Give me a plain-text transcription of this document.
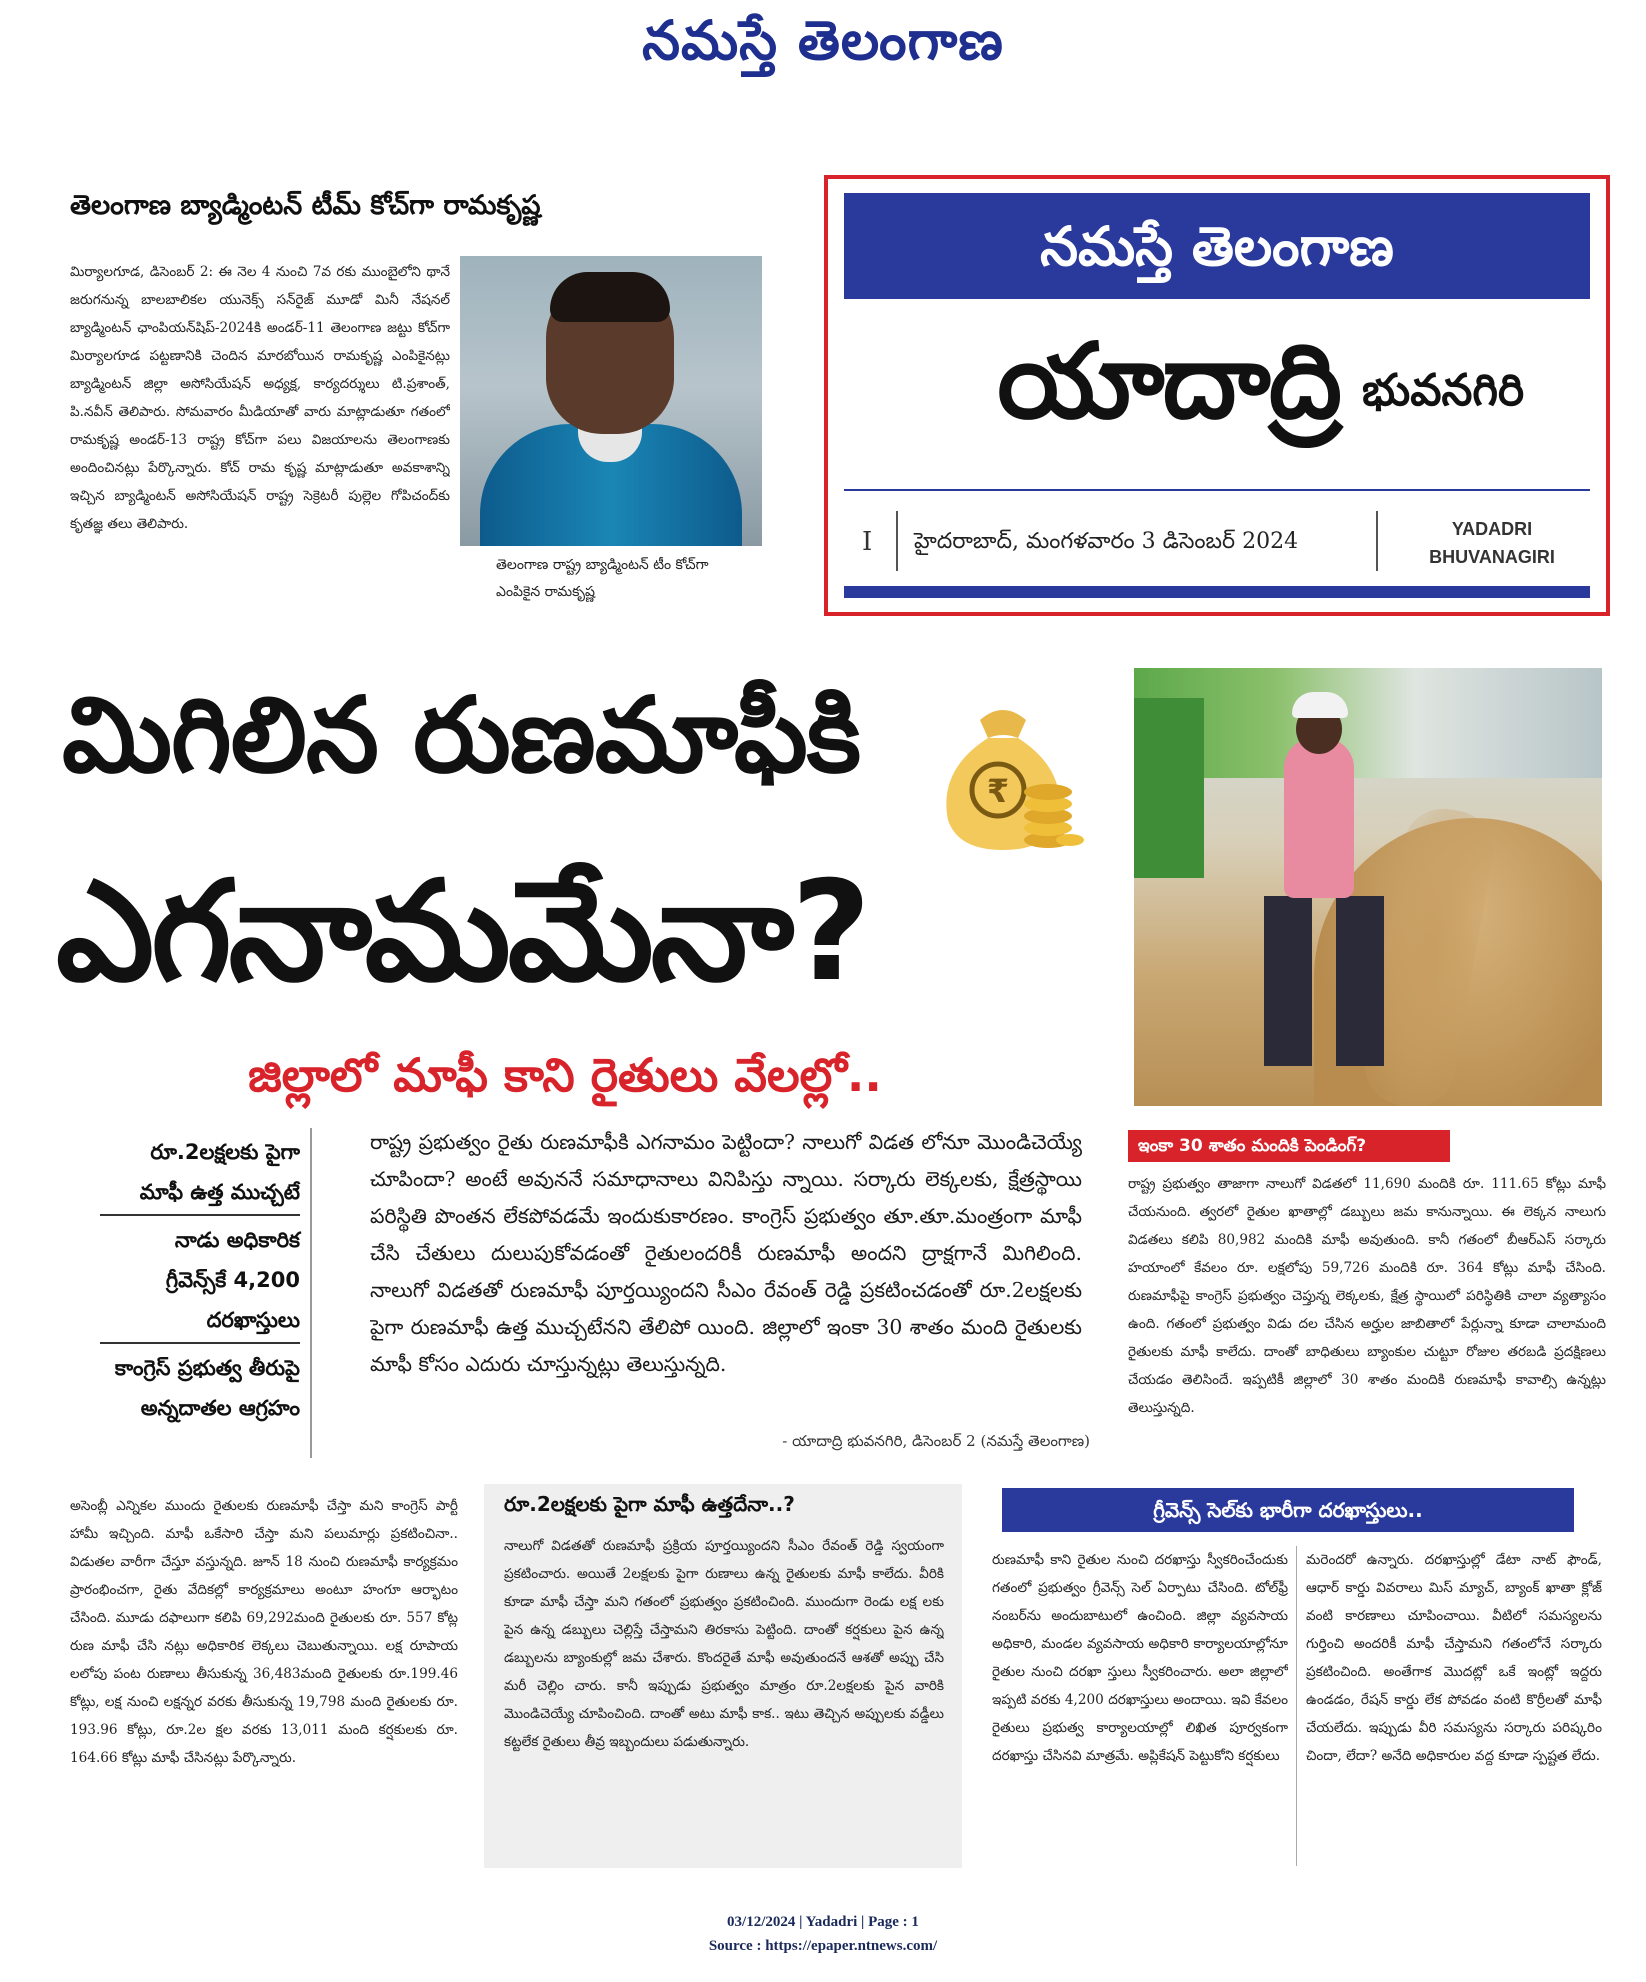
నమస్తే తెలంగాణ
తెలంగాణ బ్యాడ్మింటన్ టీమ్ కోచ్‌గా రామకృష్ణ
మిర్యాలగూడ, డిసెంబర్ 2: ఈ నెల 4 నుంచి 7వ రకు ముంబైలోని థానే జరుగనున్న బాలబాలికల యునెక్స్ సన్‌రైజ్ మూడో మినీ నేషనల్ బ్యాడ్మింటన్ ఛాంపియన్‌షిప్-2024కి అండర్-11 తెలంగాణ జట్టు కోచ్‌గా మిర్యాలగూడ పట్టణానికి చెందిన మారబోయిన రామకృష్ణ ఎంపికైనట్లు బ్యాడ్మింటన్ జిల్లా అసోసియేషన్ అధ్యక్ష, కార్యదర్శులు టి.ప్రశాంత్, పి.నవీన్ తెలిపారు. సోమవారం మీడియాతో వారు మాట్లాడుతూ గతంలో రామకృష్ణ అండర్-13 రాష్ట్ర కోచ్‌గా పలు విజయాలను తెలంగాణకు అందించినట్లు పేర్కొన్నారు. కోచ్ రామ కృష్ణ మాట్లాడుతూ అవకాశాన్ని ఇచ్చిన బ్యాడ్మింటన్ అసోసియేషన్ రాష్ట్ర సెక్రెటరీ పుల్లెల గోపిచంద్‌కు కృతజ్ఞ తలు తెలిపారు.
తెలంగాణ రాష్ట్ర బ్యాడ్మింటన్ టీం కోచ్‌గా ఎంపికైన రామకృష్ణ
నమస్తే తెలంగాణ
యాదాద్రి భువనగిరి
I	హైదరాబాద్, మంగళవారం 3 డిసెంబర్ 2024	YADADRI
BHUVANAGIRI
మిగిలిన రుణమాఫీకి
ఎగనామమేనా?
₹
జిల్లాలో మాఫీ కాని రైతులు వేలల్లో..
ఇంకా 30 శాతం మందికి పెండింగ్?
రాష్ట్ర ప్రభుత్వం తాజాగా నాలుగో విడతలో 11,690 మందికి రూ. 111.65 కోట్లు మాఫీ చేయనుంది. త్వరలో రైతుల ఖాతాల్లో డబ్బులు జమ కానున్నాయి. ఈ లెక్కన నాలుగు విడతలు కలిపి 80,982 మందికి మాఫీ అవుతుంది. కానీ గతంలో బీఆర్‌ఎస్ సర్కారు హయాంలో కేవలం రూ. లక్షలోపు 59,726 మందికి రూ. 364 కోట్లు మాఫీ చేసింది. రుణమాఫీపై కాంగ్రెస్ ప్రభుత్వం చెప్తున్న లెక్కలకు, క్షేత్ర స్థాయిలో పరిస్థితికి చాలా వ్యత్యాసం ఉంది. గతంలో ప్రభుత్వం విడు దల చేసిన అర్హుల జాబితాలో పేర్లున్నా కూడా చాలామంది రైతులకు మాఫీ కాలేదు. దాంతో బాధితులు బ్యాంకుల చుట్టూ రోజుల తరబడి ప్రదక్షిణలు చేయడం తెలిసిందే. ఇప్పటికీ జిల్లాలో 30 శాతం మందికి రుణమాఫీ కావాల్సి ఉన్నట్లు తెలుస్తున్నది.
రూ.2లక్షలకు పైగా
మాఫీ ఉత్త ముచ్చటే
నాడు అధికారిక
గ్రీవెన్స్‌కే 4,200
దరఖాస్తులు
కాంగ్రెస్ ప్రభుత్వ తీరుపై
అన్నదాతల ఆగ్రహం
రాష్ట్ర ప్రభుత్వం రైతు రుణమాఫీకి ఎగనామం పెట్టిందా? నాలుగో విడత లోనూ మొండిచెయ్యే చూపిందా? అంటే అవుననే సమాధానాలు వినిపిస్తు న్నాయి. సర్కారు లెక్కలకు, క్షేత్రస్థాయి పరిస్థితి పొంతన లేకపోవడమే ఇందుకుకారణం. కాంగ్రెస్ ప్రభుత్వం తూ.తూ.మంత్రంగా మాఫీ చేసి చేతులు దులుపుకోవడంతో రైతులందరికీ రుణమాఫీ అందని ద్రాక్షగానే మిగిలింది. నాలుగో విడతతో రుణమాఫీ పూర్తయ్యిందని సీఎం రేవంత్ రెడ్డి ప్రకటించడంతో రూ.2లక్షలకు పైగా రుణమాఫీ ఉత్త ముచ్చటేనని తేలిపో యింది. జిల్లాలో ఇంకా 30 శాతం మంది రైతులకు మాఫీ కోసం ఎదురు చూస్తున్నట్లు తెలుస్తున్నది.
- యాదాద్రి భువనగిరి, డిసెంబర్ 2 (నమస్తే తెలంగాణ)
అసెంబ్లీ ఎన్నికల ముందు రైతులకు రుణమాఫీ చేస్తా మని కాంగ్రెస్ పార్టీ హామీ ఇచ్చింది. మాఫీ ఒకేసారి చేస్తా మని పలుమార్లు ప్రకటించినా.. విడుతల వారీగా చేస్తూ వస్తున్నది. జూన్ 18 నుంచి రుణమాఫీ కార్యక్రమం ప్రారంభించగా, రైతు వేదికల్లో కార్యక్రమాలు అంటూ హంగూ ఆర్భాటం చేసింది. మూడు దఫాలుగా కలిపి 69,292మంది రైతులకు రూ. 557 కోట్ల రుణ మాఫీ చేసి నట్లు అధికారిక లెక్కలు చెబుతున్నాయి. లక్ష రూపాయ లలోపు పంట రుణాలు తీసుకున్న 36,483మంది రైతులకు రూ.199.46 కోట్లు, లక్ష నుంచి లక్షన్నర వరకు తీసుకున్న 19,798 మంది రైతులకు రూ. 193.96 కోట్లు, రూ.2ల క్షల వరకు 13,011 మంది కర్షకులకు రూ. 164.66 కోట్లు మాఫీ చేసినట్లు పేర్కొన్నారు.
రూ.2లక్షలకు పైగా మాఫీ ఉత్తదేనా..?
నాలుగో విడతతో రుణమాఫీ ప్రక్రియ పూర్తయ్యిందని సీఎం రేవంత్ రెడ్డి స్వయంగా ప్రకటించారు. అయితే 2లక్షలకు పైగా రుణాలు ఉన్న రైతులకు మాఫీ కాలేదు. వీరికి కూడా మాఫీ చేస్తా మని గతంలో ప్రభుత్వం ప్రకటించింది. ముందుగా రెండు లక్ష లకు పైన ఉన్న డబ్బులు చెల్లిస్తే చేస్తామని తిరకాసు పెట్టింది. దాంతో కర్షకులు పైన ఉన్న డబ్బులను బ్యాంకుల్లో జమ చేశారు. కొందరైతే మాఫీ అవుతుందనే ఆశతో అప్పు చేసి మరీ చెల్లిం చారు. కానీ ఇప్పుడు ప్రభుత్వం మాత్రం రూ.2లక్షలకు పైన వారికి మొండిచెయ్యే చూపించింది. దాంతో అటు మాఫీ కాక.. ఇటు తెచ్చిన అప్పులకు వడ్డీలు కట్టలేక రైతులు తీవ్ర ఇబ్బందులు పడుతున్నారు.
గ్రీవెన్స్ సెల్‌కు భారీగా దరఖాస్తులు..
రుణమాఫీ కాని రైతుల నుంచి దరఖాస్తు స్వీకరించేందుకు గతంలో ప్రభుత్వం గ్రీవెన్స్ సెల్ ఏర్పాటు చేసింది. టోల్‌ఫ్రీ నంబర్‌ను అందుబాటులో ఉంచింది. జిల్లా వ్యవసాయ అధికారి, మండల వ్యవసాయ అధికారి కార్యాలయాల్లోనూ రైతుల నుంచి దరఖా స్తులు స్వీకరించారు. అలా జిల్లాలో ఇప్పటి వరకు 4,200 దరఖాస్తులు అందాయి. ఇవి కేవలం రైతులు ప్రభుత్వ కార్యాలయాల్లో లిఖిత పూర్వకంగా దరఖాస్తు చేసినవి మాత్రమే. అప్లికేషన్ పెట్టుకోని కర్షకులు
మరెందరో ఉన్నారు. దరఖాస్తుల్లో డేటా నాట్ ఫౌండ్, ఆధార్ కార్డు వివరాలు మిస్ మ్యాచ్, బ్యాంక్ ఖాతా క్లోజ్ వంటి కారణాలు చూపించాయి. వీటిలో సమస్యలను గుర్తించి అందరికీ మాఫీ చేస్తామని గతంలోనే సర్కారు ప్రకటించింది. అంతేగాక మొదట్లో ఒకే ఇంట్లో ఇద్దరు ఉండడం, రేషన్ కార్డు లేక పోవడం వంటి కొర్రీలతో మాఫీ చేయలేదు. ఇప్పుడు వీరి సమస్యను సర్కారు పరిష్కరిం చిందా, లేదా? అనేది అధికారుల వద్ద కూడా స్పష్టత లేదు.
03/12/2024 | Yadadri | Page : 1
Source : https://epaper.ntnews.com/
